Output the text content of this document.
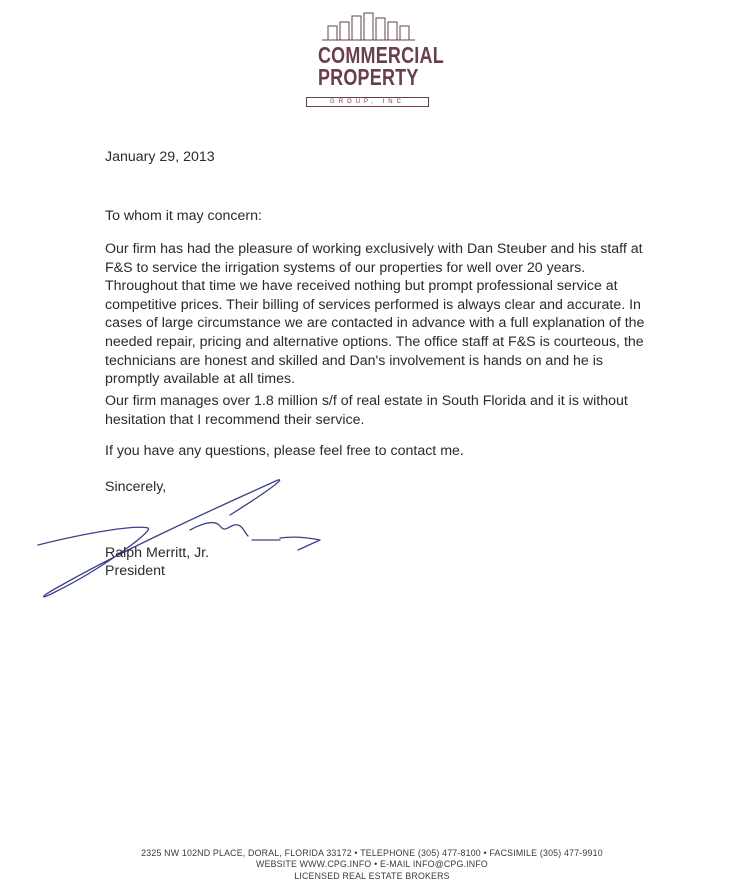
COMMERCIAL
PROPERTY
GROUP, INC
January 29, 2013
To whom it may concern:
Our firm has had the pleasure of working exclusively with Dan Steuber and his staff at F&S to service the irrigation systems of our properties for well over 20 years. Throughout that time we have received nothing but prompt professional service at competitive prices. Their billing of services performed is always clear and accurate. In cases of large circumstance we are contacted in advance with a full explanation of the needed repair, pricing and alternative options. The office staff at F&S is courteous, the technicians are honest and skilled and Dan's involvement is hands on and he is promptly available at all times.
Our firm manages over 1.8 million s/f of real estate in South Florida and it is without hesitation that I recommend their service.
If you have any questions, please feel free to contact me.
Sincerely,
Ralph Merritt, Jr.
President
2325 NW 102ND PLACE, DORAL, FLORIDA 33172 • TELEPHONE (305) 477-8100 • FACSIMILE (305) 477-9910
WEBSITE WWW.CPG.INFO • E-MAIL INFO@CPG.INFO
LICENSED REAL ESTATE BROKERS
